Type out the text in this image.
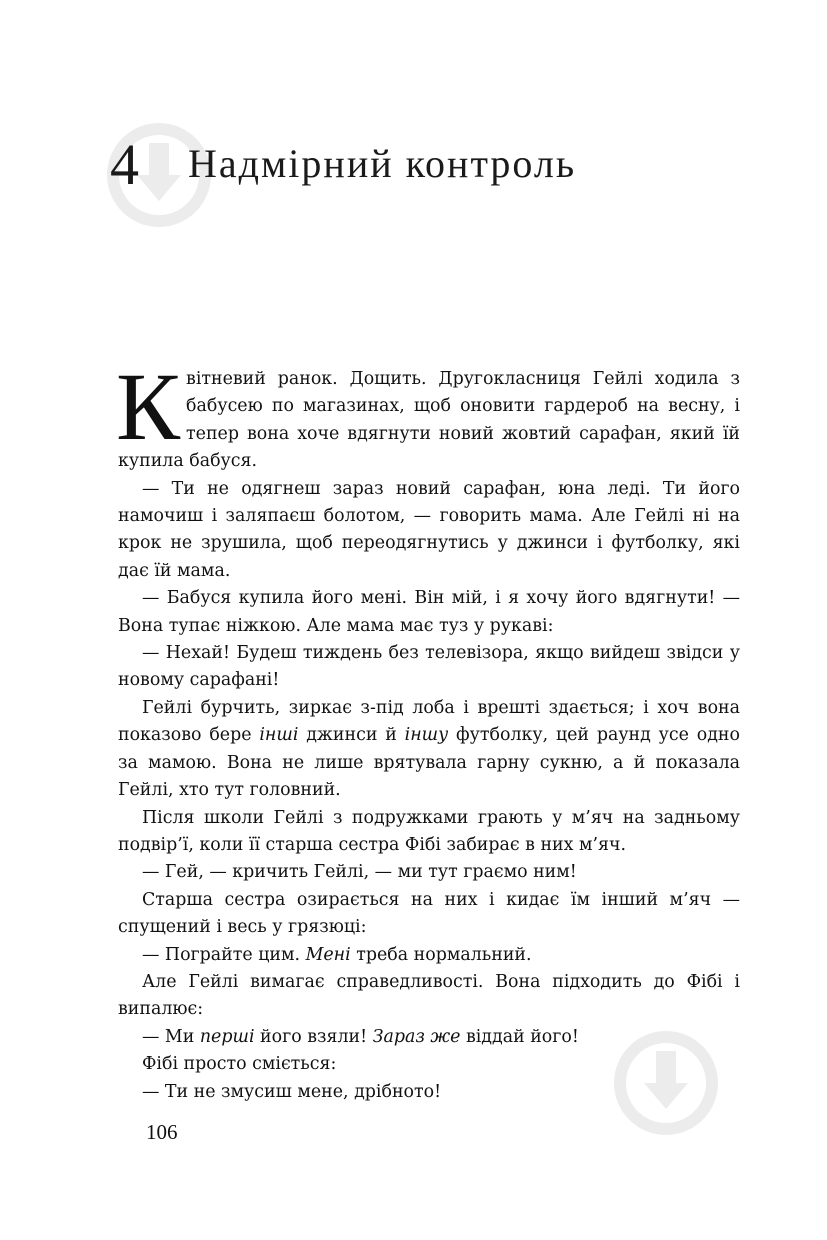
4 Надмірний контроль

Квітневий ранок. Дощить. Другокласниця Гейлі ходила з бабусею по магазинах, щоб оновити гардероб на весну, і тепер вона хоче вдягнути новий жовтий сарафан, який їй купила бабуся.

— Ти не одягнеш зараз новий сарафан, юна леді. Ти його намочиш і заляпаєш болотом, — говорить мама. Але Гейлі ні на крок не зрушила, щоб переодягнутись у джинси і футболку, які дає їй мама.

— Бабуся купила його мені. Він мій, і я хочу його вдягнути! — Вона тупає ніжкою. Але мама має туз у рукаві:

— Нехай! Будеш тиждень без телевізора, якщо вийдеш звідси у новому сарафані!

Гейлі бурчить, зиркає з-під лоба і врешті здається; і хоч вона показово бере інші джинси й іншу футболку, цей раунд усе одно за мамою. Вона не лише врятувала гарну сукню, а й показала Гейлі, хто тут головний.

Після школи Гейлі з подружками грають у м’яч на задньому подвір’ї, коли її старша сестра Фібі забирає в них м’яч.

— Гей, — кричить Гейлі, — ми тут граємо ним!

Старша сестра озирається на них і кидає їм інший м’яч — спущений і весь у грязюці:

— Пограйте цим. Мені треба нормальний.

Але Гейлі вимагає справедливості. Вона підходить до Фібі і випалює:

— Ми перші його взяли! Зараз же віддай його!

Фібі просто сміється:

— Ти не змусиш мене, дрібното!

106
